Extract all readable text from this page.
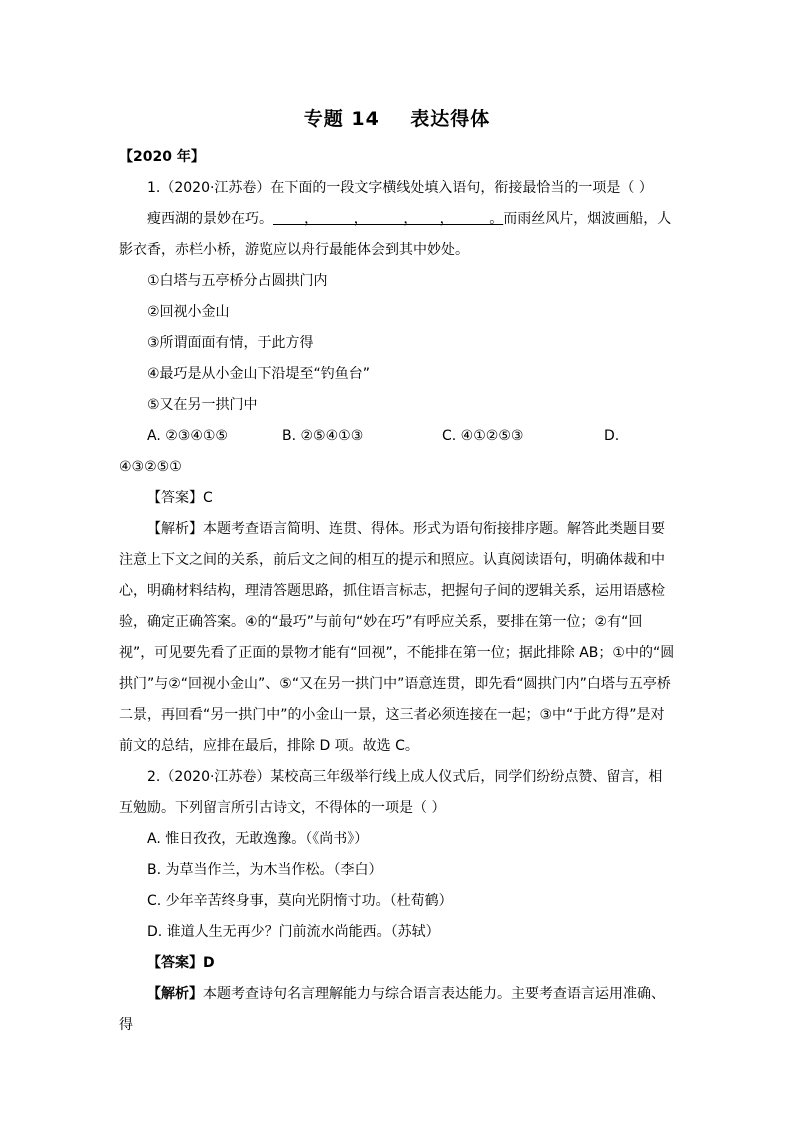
专题 14    表达得体

【2020 年】

1.（2020·江苏卷）在下面的一段文字横线处填入语句，衔接最恰当的一项是（ ）

瘦西湖的景妙在巧。       ，        ，        ，     ，        。而雨丝风片，烟波画船，人影衣香，赤栏小桥，游览应以舟行最能体会到其中妙处。

①白塔与五亭桥分占圆拱门内

②回视小金山

③所谓面面有情，于此方得

④最巧是从小金山下沿堤至“钓鱼台”

⑤又在另一拱门中

A. ②③④①⑤	B. ②⑤④①③	C. ④①②⑤③	D.

④③②⑤①

【答案】C

【解析】本题考查语言简明、连贯、得体。形式为语句衔接排序题。解答此类题目要注意上下文之间的关系，前后文之间的相互的提示和照应。认真阅读语句，明确体裁和中心，明确材料结构，理清答题思路，抓住语言标志，把握句子间的逻辑关系，运用语感检验，确定正确答案。④的“最巧”与前句“妙在巧”有呼应关系，要排在第一位；②有“回视”，可见要先看了正面的景物才能有“回视”，不能排在第一位；据此排除 AB；①中的“圆拱门”与②“回视小金山”、⑤“又在另一拱门中”语意连贯，即先看“圆拱门内”白塔与五亭桥二景，再回看“另一拱门中”的小金山一景，这三者必须连接在一起；③中“于此方得”是对前文的总结，应排在最后，排除 D 项。故选 C。

2.（2020·江苏卷）某校高三年级举行线上成人仪式后，同学们纷纷点赞、留言，相互勉励。下列留言所引古诗文，不得体的一项是（ ）

A. 惟日孜孜，无敢逸豫。（《尚书》）

B. 为草当作兰，为木当作松。（李白）

C. 少年辛苦终身事，莫向光阴惰寸功。（杜荀鹤）

D. 谁道人生无再少？门前流水尚能西。（苏轼）

【答案】D

【解析】本题考查诗句名言理解能力与综合语言表达能力。主要考查语言运用准确、得
